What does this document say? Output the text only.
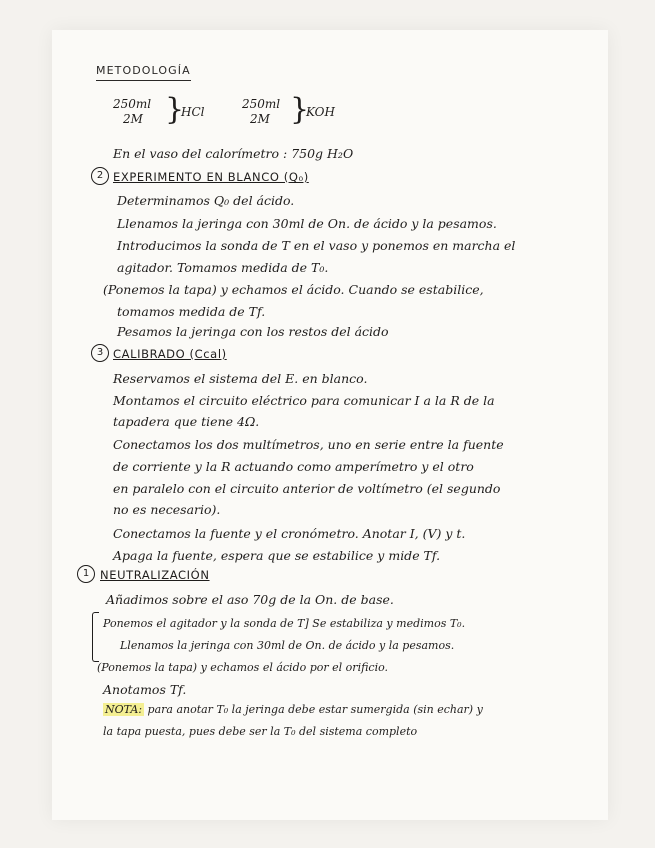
METODOLOGÍA
250ml
2M }
HCl
250ml
2M }
KOH
En el vaso del calorímetro : 750g H₂O
2 EXPERIMENTO EN BLANCO (Q₀)
Determinamos Q₀ del ácido.
Llenamos la jeringa con 30ml de On. de ácido y la pesamos.
Introducimos la sonda de T en el vaso y ponemos en marcha el
agitador. Tomamos medida de T₀.
(Ponemos la tapa) y echamos el ácido. Cuando se estabilice,
tomamos medida de Tf.
Pesamos la jeringa con los restos del ácido
3 CALIBRADO (Ccal)
Reservamos el sistema del E. en blanco.
Montamos el circuito eléctrico para comunicar I a la R de la
tapadera que tiene 4Ω.
Conectamos los dos multímetros, uno en serie entre la fuente
de corriente y la R actuando como amperímetro y el otro
en paralelo con el circuito anterior de voltímetro (el segundo
no es necesario).
Conectamos la fuente y el cronómetro. Anotar I, (V) y t.
Apaga la fuente, espera que se estabilice y mide Tf.
1 NEUTRALIZACIÓN
Añadimos sobre el aso 70g de la On. de base.
Ponemos el agitador y la sonda de T] Se estabiliza y medimos T₀.
Llenamos la jeringa con 30ml de On. de ácido y la pesamos.
(Ponemos la tapa) y echamos el ácido por el orificio.
Anotamos Tf.
NOTA: para anotar T₀ la jeringa debe estar sumergida (sin echar) y
la tapa puesta, pues debe ser la T₀ del sistema completo
